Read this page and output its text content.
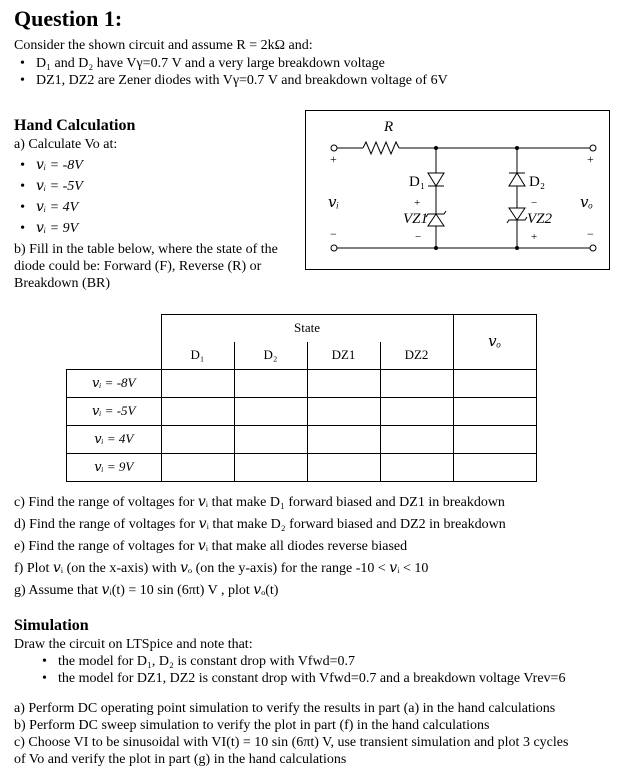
Question 1:
Consider the shown circuit and assume R = 2kΩ and:
• D₁ and D₂ have Vγ=0.7 V and a very large breakdown voltage
• DZ1, DZ2 are Zener diodes with Vγ=0.7 V and breakdown voltage of 6V
Hand Calculation
a) Calculate Vo at:
• 𝑣ᵢ = -8V
• 𝑣ᵢ = -5V
• 𝑣ᵢ = 4V
• 𝑣ᵢ = 9V
b) Fill in the table below, where the state of the
diode could be: Forward (F), Reverse (R) or
Breakdown (BR)
R
D₁
+
VZ1
−
D₂
−
VZ2
+
+
𝑣ᵢ
−
+
𝑣ₒ
−
	State				𝑣ₒ
	D₁	D₂	DZ1	DZ2	
𝑣ᵢ = -8V					
𝑣ᵢ = -5V					
𝑣ᵢ = 4V					
𝑣ᵢ = 9V					
c) Find the range of voltages for 𝑣ᵢ that make D₁ forward biased and DZ1 in breakdown
d) Find the range of voltages for 𝑣ᵢ that make D₂ forward biased and DZ2 in breakdown
e) Find the range of voltages for 𝑣ᵢ that make all diodes reverse biased
f) Plot 𝑣ᵢ (on the x-axis) with 𝑣ₒ (on the y-axis) for the range -10 < 𝑣ᵢ < 10
g) Assume that 𝑣ᵢ(t) = 10 sin (6πt) V , plot 𝑣ₒ(t)
Simulation
Draw the circuit on LTSpice and note that:
• the model for D₁, D₂ is constant drop with Vfwd=0.7
• the model for DZ1, DZ2 is constant drop with Vfwd=0.7 and a breakdown voltage Vrev=6
a) Perform DC operating point simulation to verify the results in part (a) in the hand calculations
b) Perform DC sweep simulation to verify the plot in part (f) in the hand calculations
c) Choose VI to be sinusoidal with VI(t) = 10 sin (6πt) V, use transient simulation and plot 3 cycles
of Vo and verify the plot in part (g) in the hand calculations
